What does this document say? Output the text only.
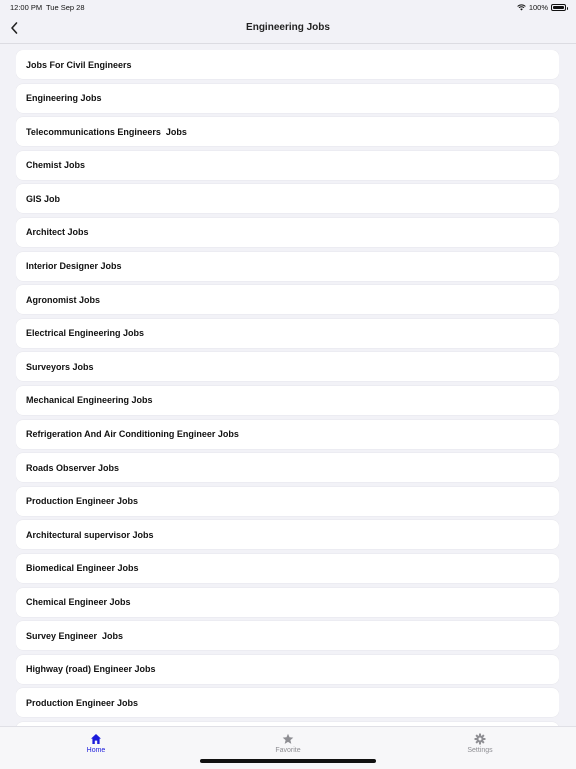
12:00 PM Tue Sep 28	100%
Engineering Jobs
Jobs For Civil Engineers
Engineering Jobs
Telecommunications Engineers  Jobs
Chemist Jobs
GIS Job
Architect Jobs
Interior Designer Jobs
Agronomist Jobs
Electrical Engineering Jobs
Surveyors Jobs
Mechanical Engineering Jobs
Refrigeration And Air Conditioning Engineer Jobs
Roads Observer Jobs
Production Engineer Jobs
Architectural supervisor Jobs
Biomedical Engineer Jobs
Chemical Engineer Jobs
Survey Engineer  Jobs
Highway (road) Engineer Jobs
Production Engineer Jobs
Home	Favorite	Settings
